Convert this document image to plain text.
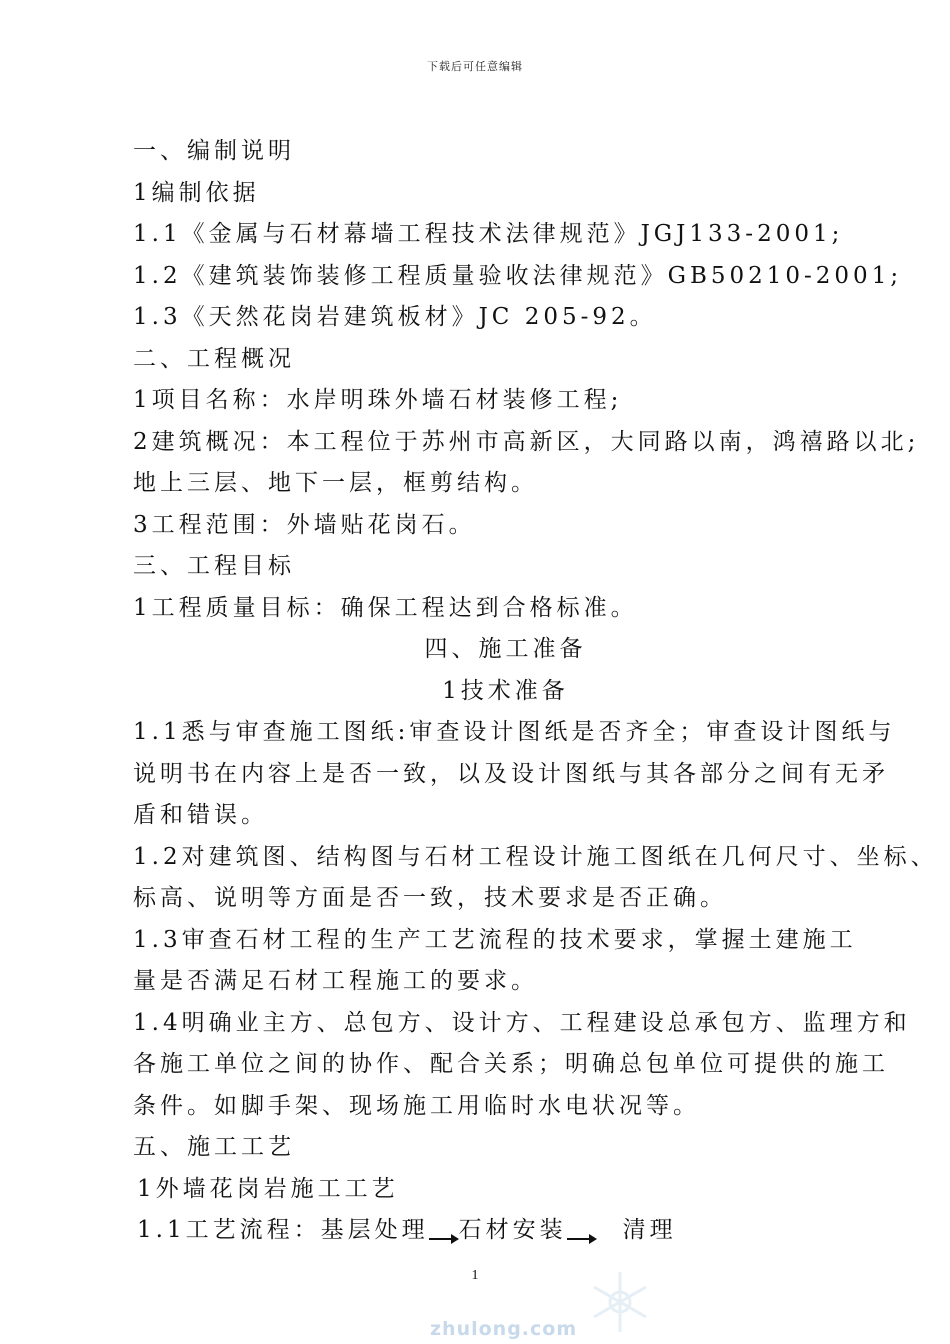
下载后可任意编辑
一、编制说明
1编制依据
1.1《金属与石材幕墙工程技术法律规范》JGJ133-2001;
1.2《建筑装饰装修工程质量验收法律规范》GB50210-2001;
1.3《天然花岗岩建筑板材》JC 205-92。
二、工程概况
1项目名称：水岸明珠外墙石材装修工程;
2建筑概况：本工程位于苏州市高新区，大同路以南，鸿禧路以北;
地上三层、地下一层，框剪结构。
3工程范围：外墙贴花岗石。
三、工程目标
1工程质量目标：确保工程达到合格标准。
四、施工准备
1技术准备
1.1悉与审查施工图纸:审查设计图纸是否齐全；审查设计图纸与
说明书在内容上是否一致，以及设计图纸与其各部分之间有无矛
盾和错误。
1.2对建筑图、结构图与石材工程设计施工图纸在几何尺寸、坐标、
标高、说明等方面是否一致，技术要求是否正确。
1.3审查石材工程的生产工艺流程的技术要求，掌握土建施工
量是否满足石材工程施工的要求。
1.4明确业主方、总包方、设计方、工程建设总承包方、监理方和
各施工单位之间的协作、配合关系；明确总包单位可提供的施工
条件。如脚手架、现场施工用临时水电状况等。
五、施工工艺
1外墙花岗岩施工工艺
1.1工艺流程：基层处理 石材安装 清理
1
zhulong.com
